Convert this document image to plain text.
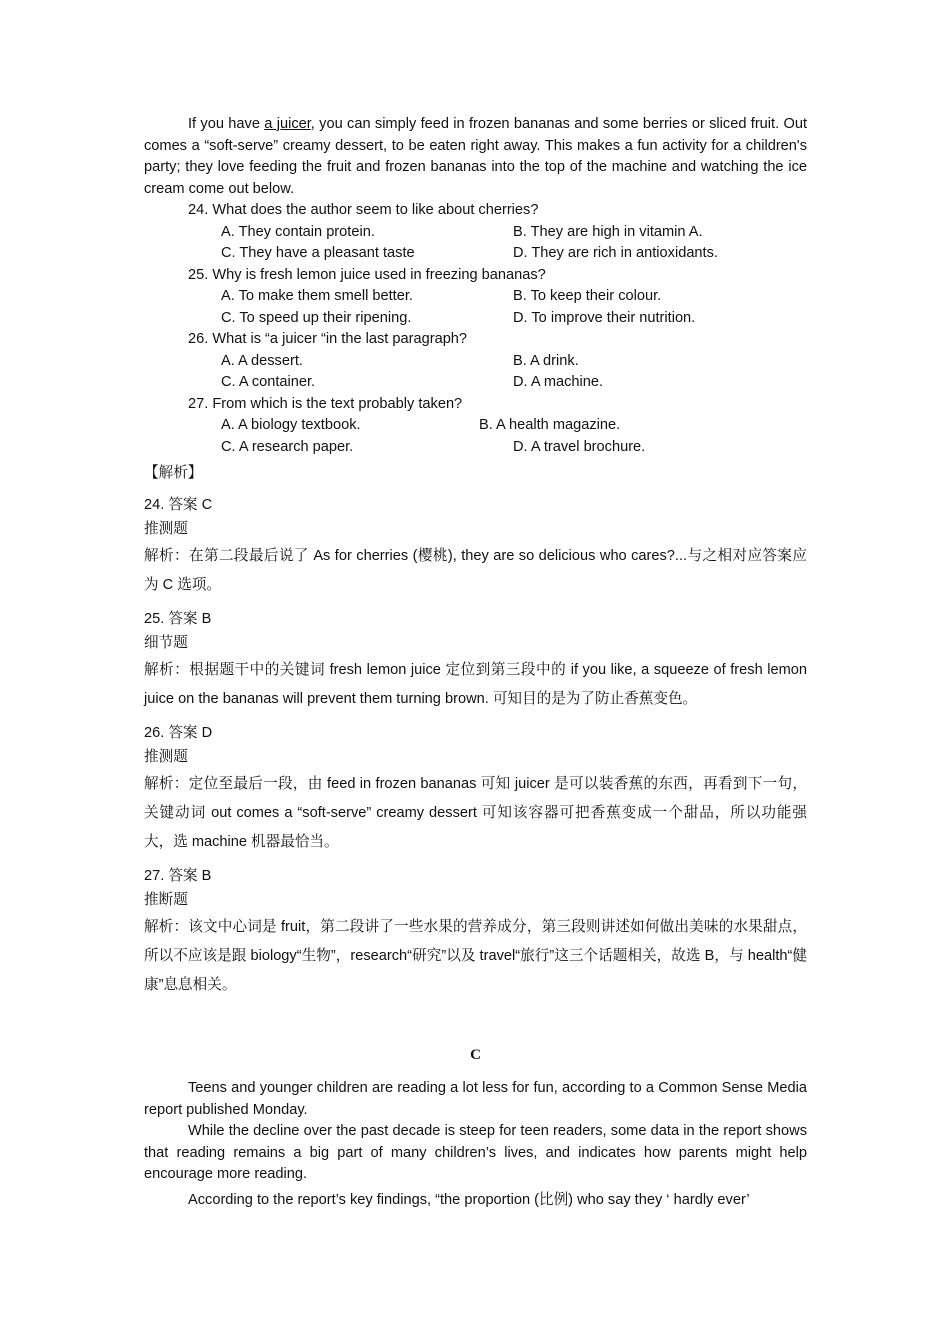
If you have a juicer, you can simply feed in frozen bananas and some berries or sliced fruit. Out comes a “soft-serve” creamy dessert, to be eaten right away. This makes a fun activity for a children's party; they love feeding the fruit and frozen bananas into the top of the machine and watching the ice cream come out below.

24. What does the author seem to like about cherries?
A. They contain protein.	B. They are high in vitamin A.
C. They have a pleasant taste	D. They are rich in antioxidants.
25. Why is fresh lemon juice used in freezing bananas?
A. To make them smell better.	B. To keep their colour.
C. To speed up their ripening.	D. To improve their nutrition.
26. What is “a juicer “in the last paragraph?
A. A dessert.	B. A drink.
C. A container.	D. A machine.
27. From which is the text probably taken?
A. A biology textbook.	B. A health magazine.
C. A research paper.	D. A travel brochure.
【解析】
24. 答案 C
推测题
解析：在第二段最后说了 As for cherries (樱桃), they are so delicious who cares?...与之相对应答案应为 C 选项。
25. 答案 B
细节题
解析：根据题干中的关键词 fresh lemon juice 定位到第三段中的 if you like, a squeeze of fresh lemon juice on the bananas will prevent them turning brown. 可知目的是为了防止香蕉变色。
26. 答案 D
推测题
解析：定位至最后一段，由 feed in frozen bananas 可知 juicer 是可以装香蕉的东西，再看到下一句，关键动词 out comes a “soft-serve” creamy dessert 可知该容器可把香蕉变成一个甜品，所以功能强大，选 machine 机器最恰当。
27. 答案 B
推断题
解析：该文中心词是 fruit，第二段讲了一些水果的营养成分，第三段则讲述如何做出美味的水果甜点，所以不应该是跟 biology“生物”，research“研究”以及 travel“旅行”这三个话题相关，故选 B，与 health“健康”息息相关。
C

Teens and younger children are reading a lot less for fun, according to a Common Sense Media report published Monday.

While the decline over the past decade is steep for teen readers, some data in the report shows that reading remains a big part of many children’s lives, and indicates how parents might help encourage more reading.

According to the report’s key findings, “the proportion (比例) who say they ‘ hardly ever’
